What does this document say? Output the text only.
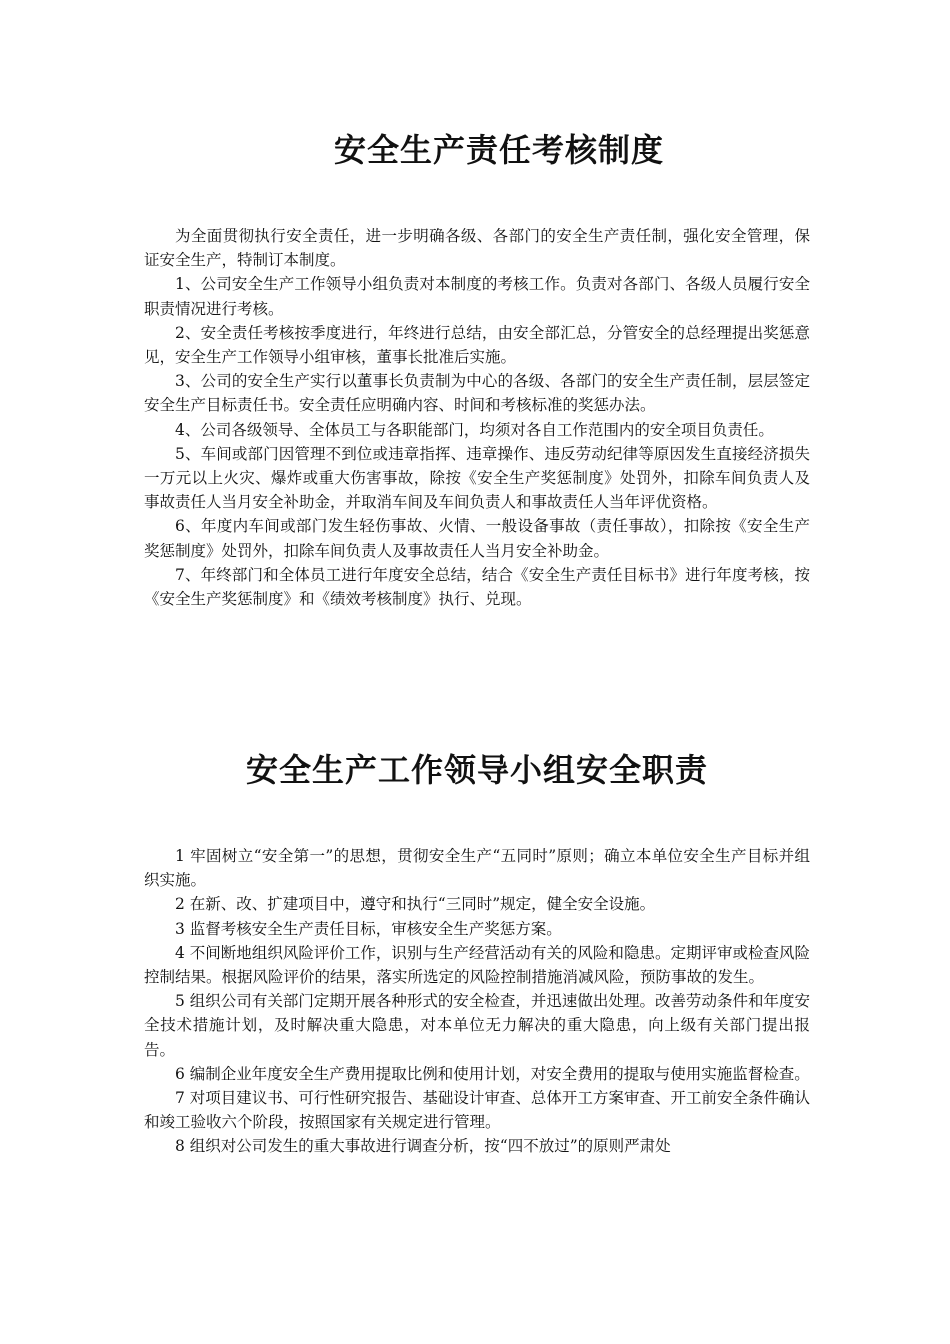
安全生产责任考核制度

为全面贯彻执行安全责任，进一步明确各级、各部门的安全生产责任制，强化安全管理，保证安全生产，特制订本制度。

1、公司安全生产工作领导小组负责对本制度的考核工作。负责对各部门、各级人员履行安全职责情况进行考核。

2、安全责任考核按季度进行，年终进行总结，由安全部汇总，分管安全的总经理提出奖惩意见，安全生产工作领导小组审核，董事长批准后实施。

3、公司的安全生产实行以董事长负责制为中心的各级、各部门的安全生产责任制，层层签定安全生产目标责任书。安全责任应明确内容、时间和考核标准的奖惩办法。

4、公司各级领导、全体员工与各职能部门，均须对各自工作范围内的安全项目负责任。

5、车间或部门因管理不到位或违章指挥、违章操作、违反劳动纪律等原因发生直接经济损失一万元以上火灾、爆炸或重大伤害事故，除按《安全生产奖惩制度》处罚外，扣除车间负责人及事故责任人当月安全补助金，并取消车间及车间负责人和事故责任人当年评优资格。

6、年度内车间或部门发生轻伤事故、火情、一般设备事故（责任事故），扣除按《安全生产奖惩制度》处罚外，扣除车间负责人及事故责任人当月安全补助金。

7、年终部门和全体员工进行年度安全总结，结合《安全生产责任目标书》进行年度考核，按《安全生产奖惩制度》和《绩效考核制度》执行、兑现。

安全生产工作领导小组安全职责

1 牢固树立“安全第一”的思想，贯彻安全生产“五同时”原则；确立本单位安全生产目标并组织实施。

2 在新、改、扩建项目中，遵守和执行“三同时”规定，健全安全设施。

3 监督考核安全生产责任目标，审核安全生产奖惩方案。

4 不间断地组织风险评价工作，识别与生产经营活动有关的风险和隐患。定期评审或检查风险控制结果。根据风险评价的结果，落实所选定的风险控制措施消减风险，预防事故的发生。

5 组织公司有关部门定期开展各种形式的安全检查，并迅速做出处理。改善劳动条件和年度安全技术措施计划，及时解决重大隐患，对本单位无力解决的重大隐患，向上级有关部门提出报告。

6 编制企业年度安全生产费用提取比例和使用计划，对安全费用的提取与使用实施监督检查。

7 对项目建议书、可行性研究报告、基础设计审查、总体开工方案审查、开工前安全条件确认和竣工验收六个阶段，按照国家有关规定进行管理。

8 组织对公司发生的重大事故进行调查分析，按“四不放过”的原则严肃处
